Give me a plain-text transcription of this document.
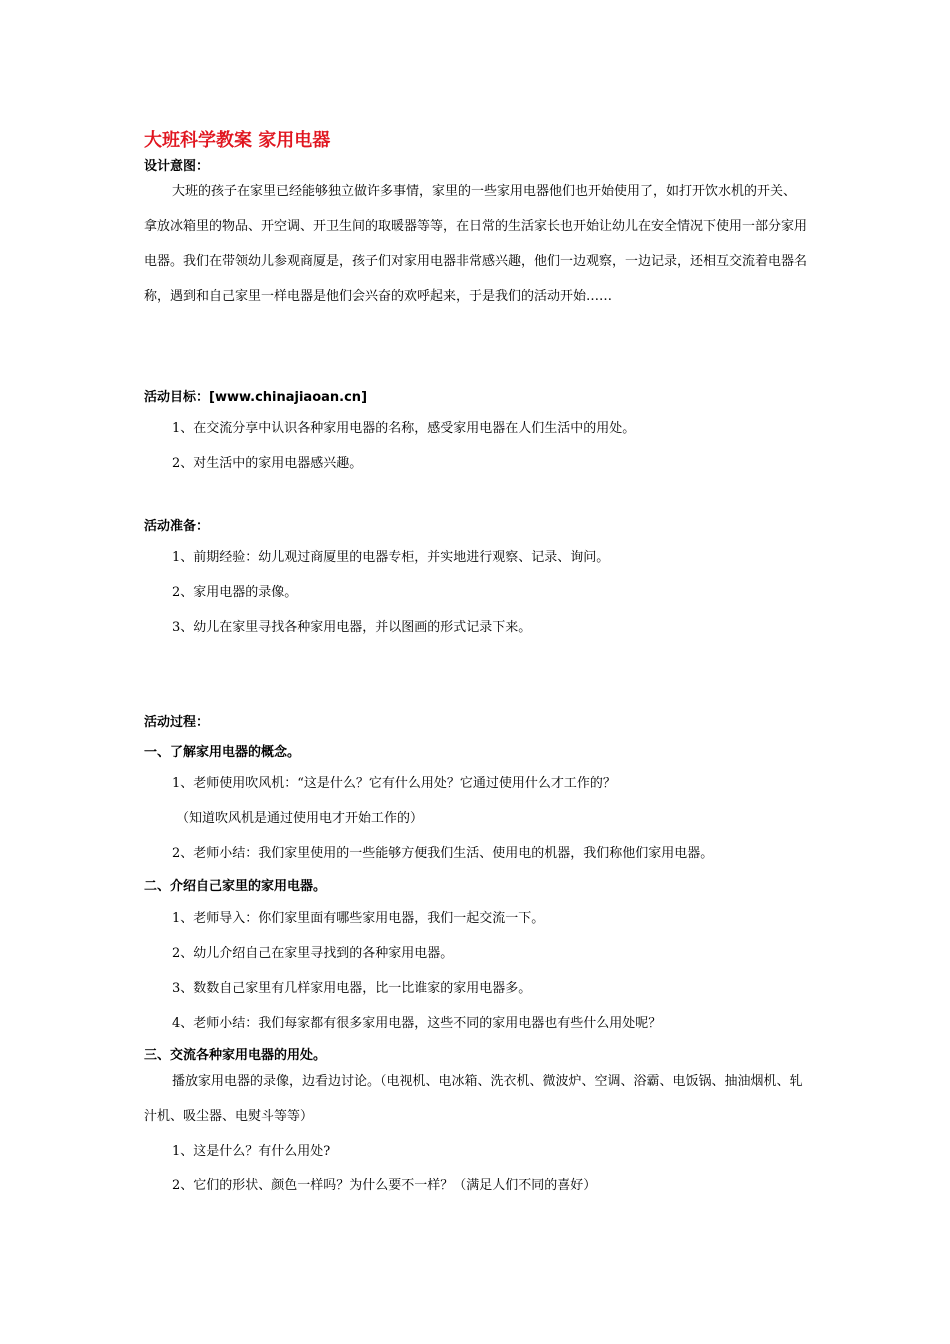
大班科学教案 家用电器
设计意图：
大班的孩子在家里已经能够独立做许多事情，家里的一些家用电器他们也开始使用了，如打开饮水机的开关、拿放冰箱里的物品、开空调、开卫生间的取暖器等等，在日常的生活家长也开始让幼儿在安全情况下使用一部分家用电器。我们在带领幼儿参观商厦是，孩子们对家用电器非常感兴趣，他们一边观察，一边记录，还相互交流着电器名称，遇到和自己家里一样电器是他们会兴奋的欢呼起来，于是我们的活动开始……
活动目标：[www.chinajiaoan.cn]
1、在交流分享中认识各种家用电器的名称，感受家用电器在人们生活中的用处。
2、对生活中的家用电器感兴趣。
活动准备：
1、前期经验：幼儿观过商厦里的电器专柜，并实地进行观察、记录、询问。
2、家用电器的录像。
3、幼儿在家里寻找各种家用电器，并以图画的形式记录下来。
活动过程：
一、了解家用电器的概念。
1、老师使用吹风机：“这是什么？它有什么用处？它通过使用什么才工作的？
（知道吹风机是通过使用电才开始工作的）
2、老师小结：我们家里使用的一些能够方便我们生活、使用电的机器，我们称他们家用电器。
二、介绍自己家里的家用电器。
1、老师导入：你们家里面有哪些家用电器，我们一起交流一下。
2、幼儿介绍自己在家里寻找到的各种家用电器。
3、数数自己家里有几样家用电器，比一比谁家的家用电器多。
4、老师小结：我们每家都有很多家用电器，这些不同的家用电器也有些什么用处呢？
三、交流各种家用电器的用处。
播放家用电器的录像，边看边讨论。（电视机、电冰箱、洗衣机、微波炉、空调、浴霸、电饭锅、抽油烟机、轧汁机、吸尘器、电熨斗等等）
1、这是什么？有什么用处?
2、它们的形状、颜色一样吗？为什么要不一样？（满足人们不同的喜好）
